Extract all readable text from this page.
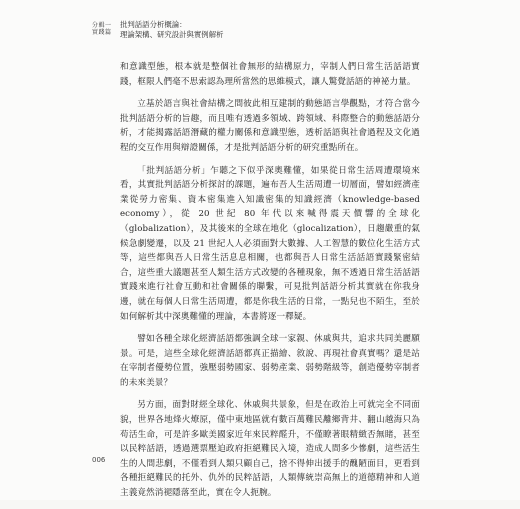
分輯一
實踐篇
批判話語分析概論：
理論架構、研究設計與實例解析

和意識型態，根本就是整個社會無形的結構原力，宰制人們日常生活話語實踐，框限人們毫不思索認為理所當然的思維模式，讓人驚覺話語的神祕力量。

立基於語言與社會結構之間彼此相互建制的動態語言學觀點，才符合當今批判話語分析的旨趣，而且唯有透過多領域、跨領域、科際整合的動態話語分析，才能揭露話語潛藏的權力關係和意識型態，透析話語與社會過程及文化過程的交互作用與辯證關係，才是批判話語分析的研究重點所在。

「批判話語分析」乍聽之下似乎深奧難懂，如果從日常生活周遭環境來看，其實批判話語分析探討的課題，遍布吾人生活周遭一切層面，譬如經濟產業從勞力密集、資本密集進入知識密集的知識經濟（knowledge-based economy），從 20 世紀 80 年代以來喊得震天價響的全球化（globalization），及其後來的全球在地化（glocalization），日趨嚴重的氣候急劇變遷，以及 21 世紀人人必須面對大數據、人工智慧的數位化生活方式等，這些都與吾人日常生活息息相關，也都與吾人日常生活話語實踐緊密結合，這些重大議題甚至人類生活方式改變的各種現象，無不透過日常生活話語實踐來進行社會互動和社會關係的聯繫，可見批判話語分析其實就在你我身邊，就在每個人日常生活周遭，都是你我生活的日常，一點兒也不陌生，至於如何解析其中深奧難懂的理論，本書將逐一釋疑。

譬如各種全球化經濟話語都強調全球一家親、休戚與共，追求共同美麗願景。可是，這些全球化經濟話語都真正描繪、敘說、再現社會真實嗎？還是站在宰制者優勢位置，強壓弱勢國家、弱勢產業、弱勢階級等，創造優勢宰制者的未來美景？

另方面，面對財經全球化、休戚與共景象，但是在政治上可就完全不同面貌，世界各地烽火燎原，僅中東地區就有數百萬難民離鄉背井、翻山越海只為苟活生命，可是許多歐美國家近年來民粹醛升，不僅瞭著眼精緻否無睹，甚至以民粹話語，透過選票壓迫政府拒絕難民入境，造成人間多少慘劇，這些活生生的人間悲劇，不僅看到人類只顧自己，捨不得伸出援手的醜陋面目，更看到各種拒絕難民的托外、仇外的民粹話語，人類傳統崇高無上的道德精神和人道主義竟然消褪隱落至此，實在令人扼腕。

006
